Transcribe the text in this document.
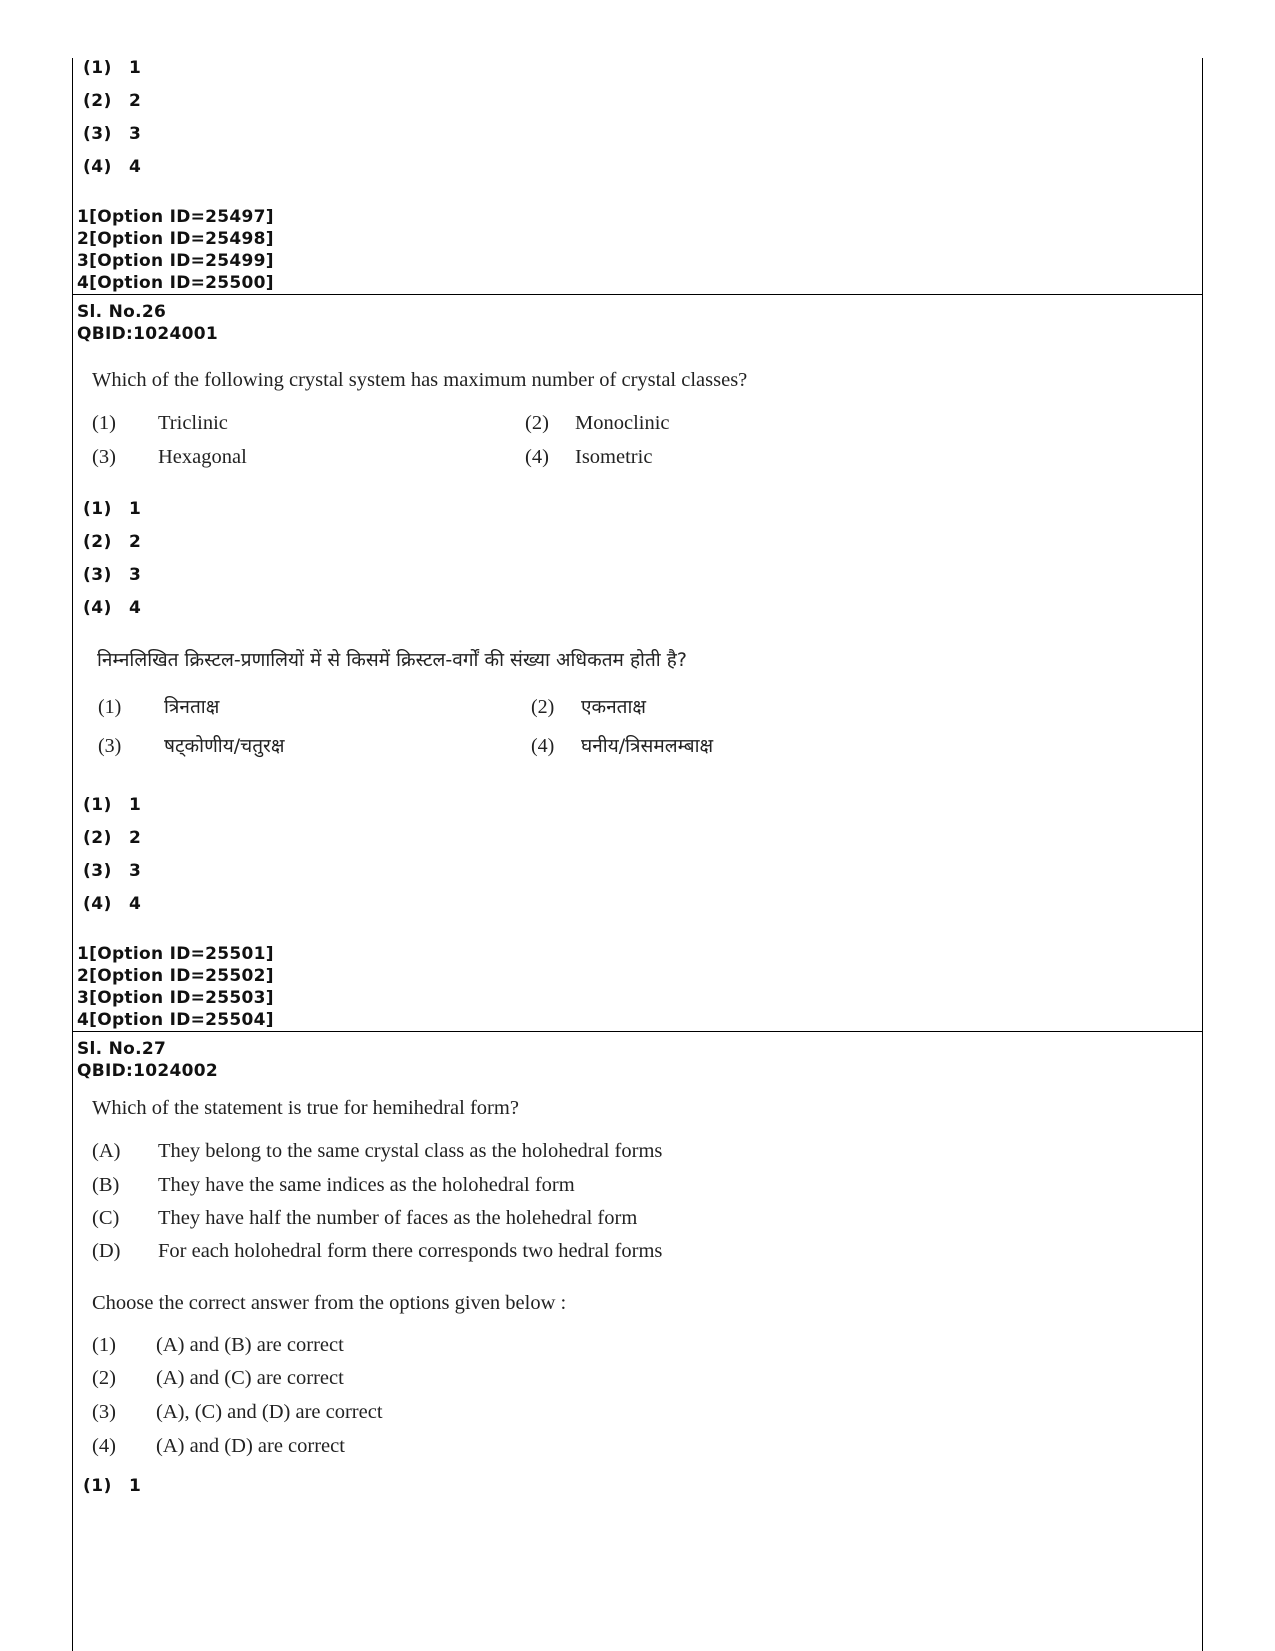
(1) 1
(2) 2
(3) 3
(4) 4
1[Option ID=25497]
2[Option ID=25498]
3[Option ID=25499]
4[Option ID=25500]
Sl. No.26
QBID:1024001
Which of the following crystal system has maximum number of crystal classes?
(1) Triclinic	(2) Monoclinic
(3) Hexagonal	(4) Isometric
(1) 1
(2) 2
(3) 3
(4) 4
निम्नलिखित क्रिस्टल-प्रणालियों में से किसमें क्रिस्टल-वर्गों की संख्या अधिकतम होती है?
(1) त्रिनताक्ष	(2) एकनताक्ष
(3) षट्कोणीय/चतुरक्ष	(4) घनीय/त्रिसमलम्बाक्ष
(1) 1
(2) 2
(3) 3
(4) 4
1[Option ID=25501]
2[Option ID=25502]
3[Option ID=25503]
4[Option ID=25504]
Sl. No.27
QBID:1024002
Which of the statement is true for hemihedral form?
(A) They belong to the same crystal class as the holohedral forms
(B) They have the same indices as the holohedral form
(C) They have half the number of faces as the holehedral form
(D) For each holohedral form there corresponds two hedral forms
Choose the correct answer from the options given below :
(1) (A) and (B) are correct
(2) (A) and (C) are correct
(3) (A), (C) and (D) are correct
(4) (A) and (D) are correct
(1) 1
